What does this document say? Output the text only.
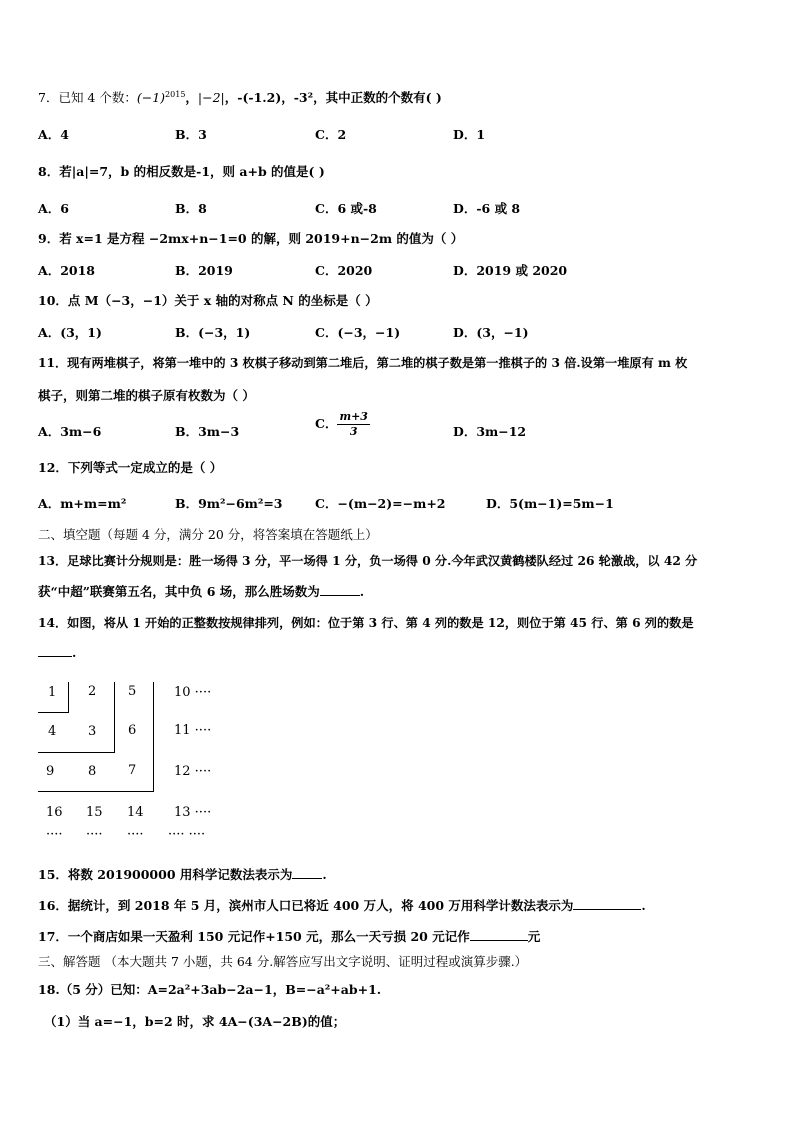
7．已知 4 个数：$(-1)^{2015}$，|−2|，-(-1.2)，-3²，其中正数的个数有( )
A．4	B．3	C．2	D．1
8．若|a|=7，b 的相反数是-1，则 a+b 的值是( )
A．6	B．8	C．6 或-8	D．-6 或 8
9．若 x=1 是方程 −2mx+n−1=0 的解，则 2019+n−2m 的值为（ ）
A．2018	B．2019	C．2020	D．2019 或 2020
10．点 M（−3，−1）关于 x 轴的对称点 N 的坐标是（ ）
A．(3，1)	B．(−3，1)	C．(−3，−1)	D．(3，−1)
11．现有两堆棋子，将第一堆中的 3 枚棋子移动到第二堆后，第二堆的棋子数是第一推棋子的 3 倍.设第一堆原有 m 枚
棋子，则第二堆的棋子原有枚数为（ ）
A．3m−6	B．3m−3
C． $\frac{m+3}{3}$	D．3m−12
12．下列等式一定成立的是（ ）
A．m+m=m²	B．9m²−6m²=3	C．−(m−2)=−m+2	D．5(m−1)=5m−1
二、填空题（每题 4 分，满分 20 分，将答案填在答题纸上）
13．足球比赛计分规则是：胜一场得 3 分，平一场得 1 分，负一场得 0 分.今年武汉黄鹤楼队经过 26 轮激战，以 42 分
获“中超”联赛第五名，其中负 6 场，那么胜场数为	.
14．如图，将从 1 开始的正整数按规律排列，例如：位于第 3 行、第 4 列的数是 12，则位于第 45 行、第 6 列的数是
.
1 2 5	10 ····
4 3 6	11 ····
9	8 7	12 ····
16 15 14 13 ····
···· ···· ···· ···· ····
15．将数 201900000 用科学记数法表示为 .
16．据统计，到 2018 年 5 月，滨州市人口已将近 400 万人，将 400 万用科学计数法表示为	.
17．一个商店如果一天盈利 150 元记作+150 元，那么一天亏损 20 元记作	元
三、解答题 （本大题共 7 小题，共 64 分.解答应写出文字说明、证明过程或演算步骤.）
18.（5 分）已知：A=2a²+3ab−2a−1，B=−a²+ab+1.
（1）当 a=−1，b=2 时，求 4A−(3A−2B)的值；
